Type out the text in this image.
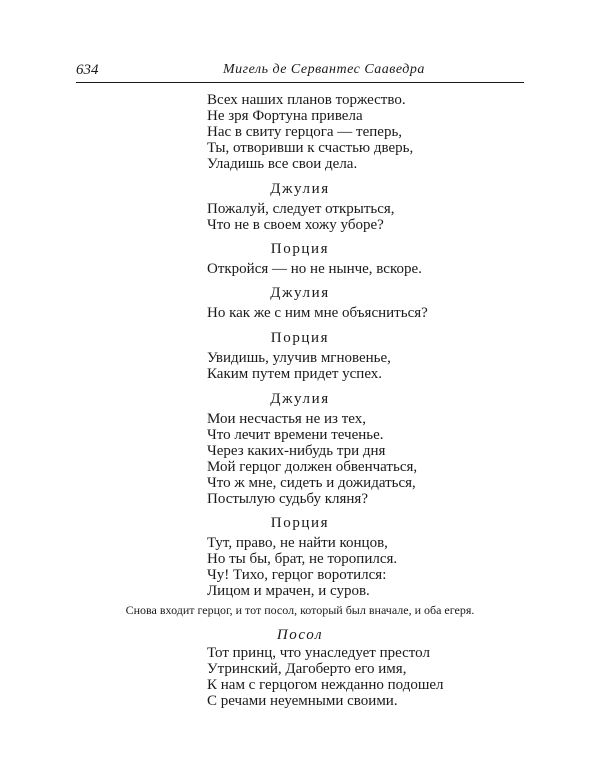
634	Мигель де Сервантес Сааведра
Всех наших планов торжество.
Не зря Фортуна привела
Нас в свиту герцога — теперь,
Ты, отворивши к счастью дверь,
Уладишь все свои дела.
Джулия
Пожалуй, следует открыться,
Что не в своем хожу уборе?
Порция
Откройся — но не нынче, вскоре.
Джулия
Но как же с ним мне объясниться?
Порция
Увидишь, улучив мгновенье,
Каким путем придет успех.
Джулия
Мои несчастья не из тех,
Что лечит времени теченье.
Через каких-нибудь три дня
Мой герцог должен обвенчаться,
Что ж мне, сидеть и дожидаться,
Постылую судьбу кляня?
Порция
Тут, право, не найти концов,
Но ты бы, брат, не торопился.
Чу! Тихо, герцог воротился:
Лицом и мрачен, и суров.
Снова входит герцог, и тот посол, который был вначале, и оба егеря.
Посол
Тот принц, что унаследует престол
Утринский, Дагоберто его имя,
К нам с герцогом нежданно подошел
С речами неуемными своими.
